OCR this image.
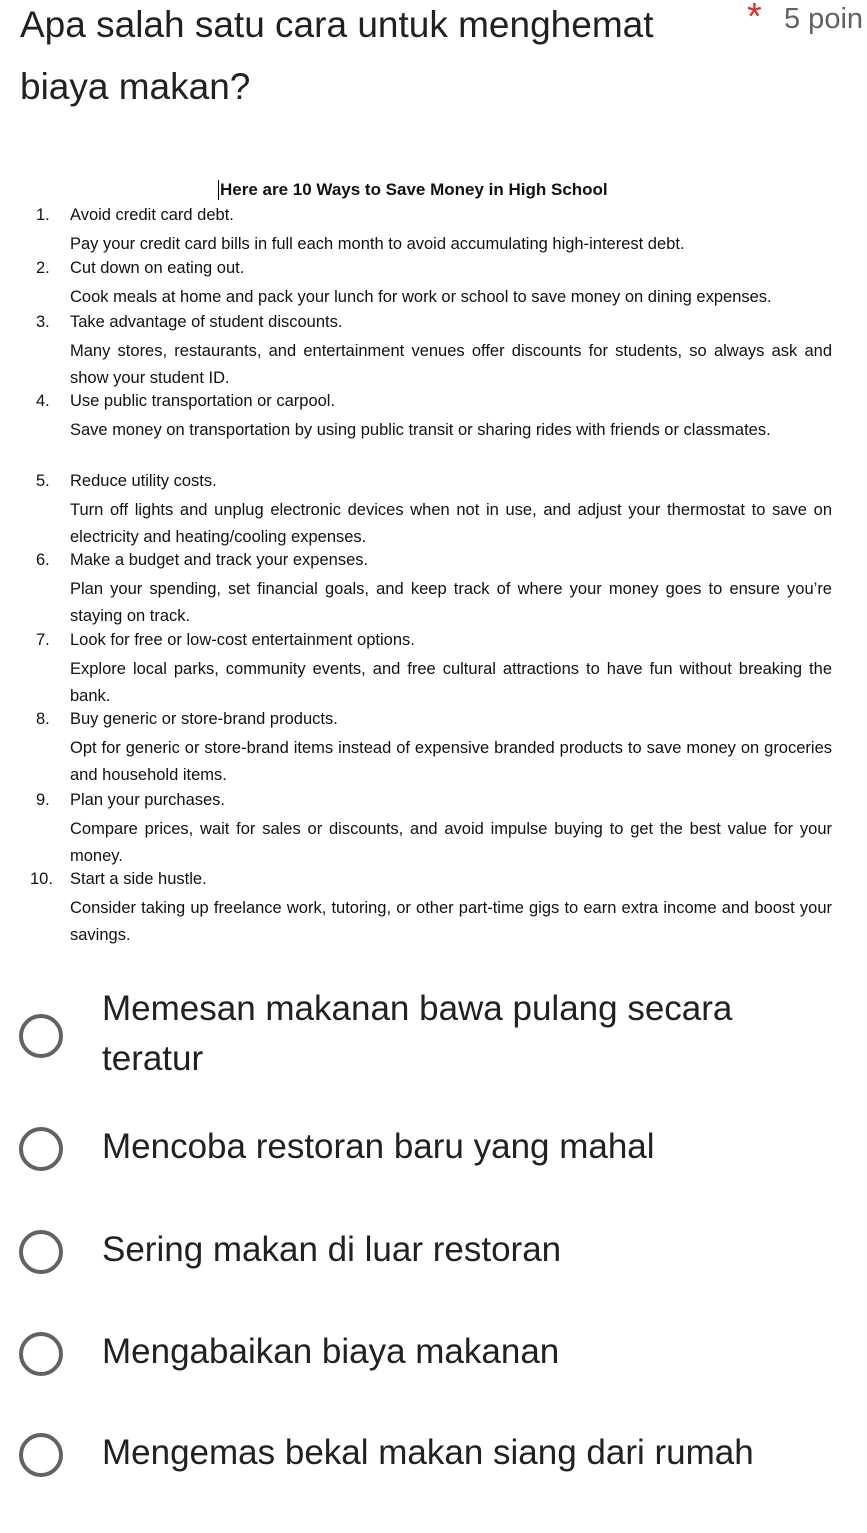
Apa salah satu cara untuk menghemat biaya makan?
* 5 poin
Here are 10 Ways to Save Money in High School
1. Avoid credit card debt.
Pay your credit card bills in full each month to avoid accumulating high-interest debt.
2. Cut down on eating out.
Cook meals at home and pack your lunch for work or school to save money on dining expenses.
3. Take advantage of student discounts.
Many stores, restaurants, and entertainment venues offer discounts for students, so always ask and show your student ID.
4. Use public transportation or carpool.
Save money on transportation by using public transit or sharing rides with friends or classmates.
5. Reduce utility costs.
Turn off lights and unplug electronic devices when not in use, and adjust your thermostat to save on electricity and heating/cooling expenses.
6. Make a budget and track your expenses.
Plan your spending, set financial goals, and keep track of where your money goes to ensure you’re staying on track.
7. Look for free or low-cost entertainment options.
Explore local parks, community events, and free cultural attractions to have fun without breaking the bank.
8. Buy generic or store-brand products.
Opt for generic or store-brand items instead of expensive branded products to save money on groceries and household items.
9. Plan your purchases.
Compare prices, wait for sales or discounts, and avoid impulse buying to get the best value for your money.
10. Start a side hustle.
Consider taking up freelance work, tutoring, or other part-time gigs to earn extra income and boost your savings.
Memesan makanan bawa pulang secara teratur
Mencoba restoran baru yang mahal
Sering makan di luar restoran
Mengabaikan biaya makanan
Mengemas bekal makan siang dari rumah
